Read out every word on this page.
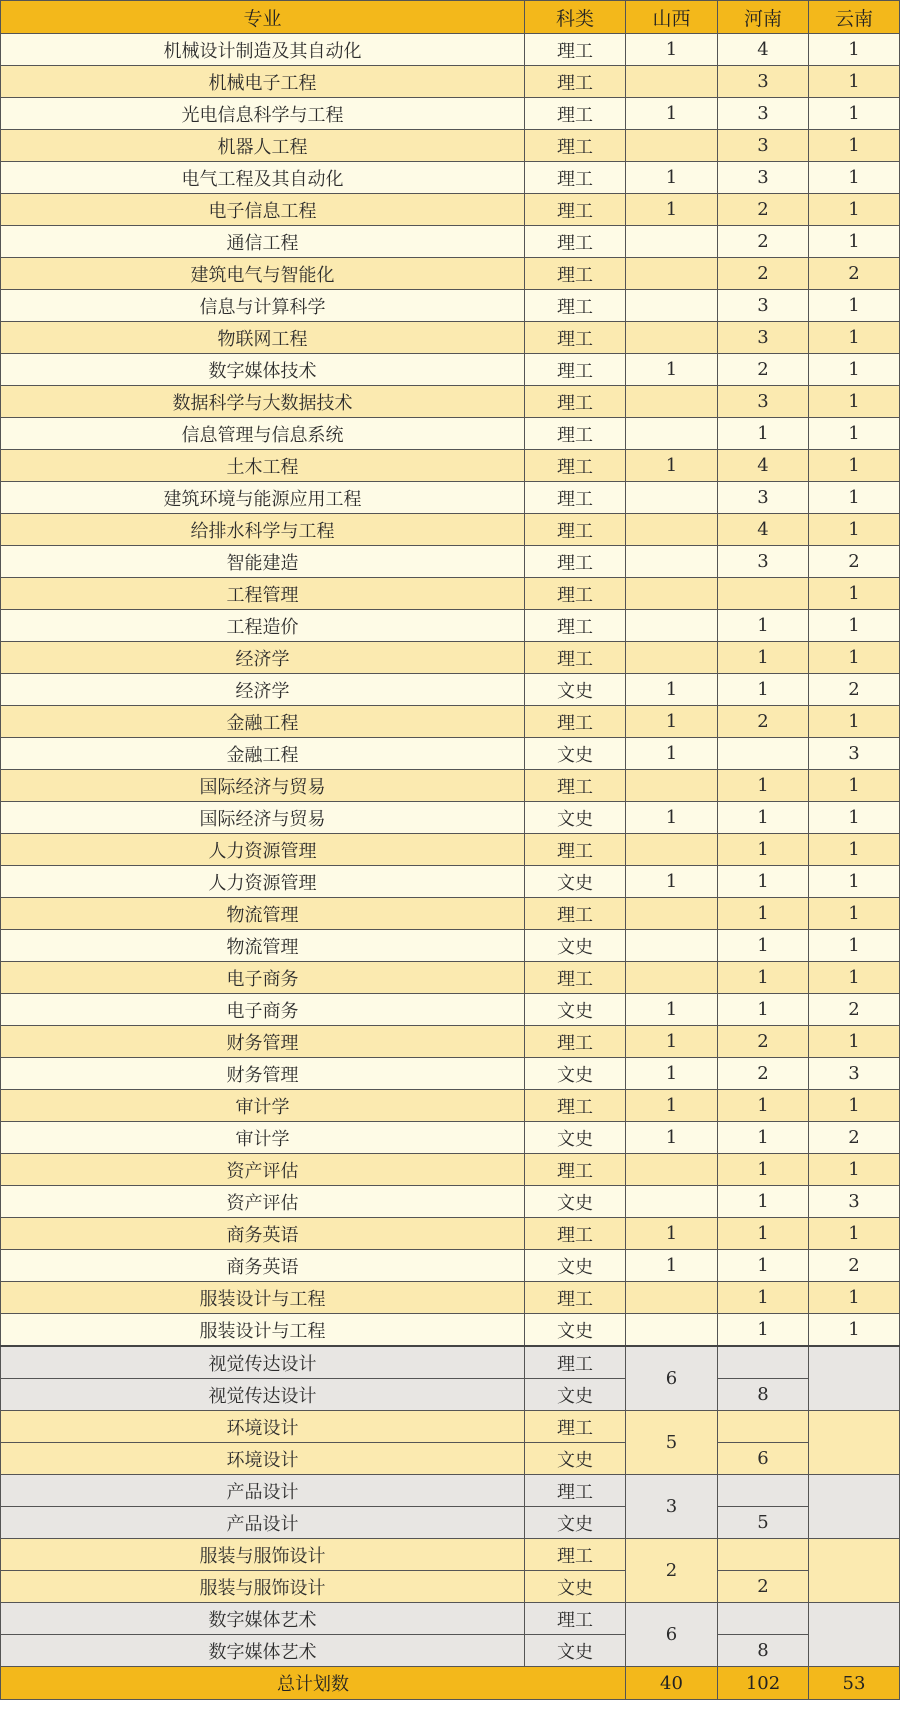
专业	科类	山西	河南	云南
机械设计制造及其自动化	理工	1	4	1
机械电子工程	理工		3	1
光电信息科学与工程	理工	1	3	1
机器人工程	理工		3	1
电气工程及其自动化	理工	1	3	1
电子信息工程	理工	1	2	1
通信工程	理工		2	1
建筑电气与智能化	理工		2	2
信息与计算科学	理工		3	1
物联网工程	理工		3	1
数字媒体技术	理工	1	2	1
数据科学与大数据技术	理工		3	1
信息管理与信息系统	理工		1	1
土木工程	理工	1	4	1
建筑环境与能源应用工程	理工		3	1
给排水科学与工程	理工		4	1
智能建造	理工		3	2
工程管理	理工			1
工程造价	理工		1	1
经济学	理工		1	1
经济学	文史	1	1	2
金融工程	理工	1	2	1
金融工程	文史	1		3
国际经济与贸易	理工		1	1
国际经济与贸易	文史	1	1	1
人力资源管理	理工		1	1
人力资源管理	文史	1	1	1
物流管理	理工		1	1
物流管理	文史		1	1
电子商务	理工		1	1
电子商务	文史	1	1	2
财务管理	理工	1	2	1
财务管理	文史	1	2	3
审计学	理工	1	1	1
审计学	文史	1	1	2
资产评估	理工		1	1
资产评估	文史		1	3
商务英语	理工	1	1	1
商务英语	文史	1	1	2
服装设计与工程	理工		1	1
服装设计与工程	文史		1	1
视觉传达设计	理工	6		
视觉传达设计	文史		8	
环境设计	理工	5		
环境设计	文史		6	
产品设计	理工	3		
产品设计	文史		5	
服装与服饰设计	理工	2		
服装与服饰设计	文史		2	
数字媒体艺术	理工	6		
数字媒体艺术	文史		8	
总计划数		40	102	53
